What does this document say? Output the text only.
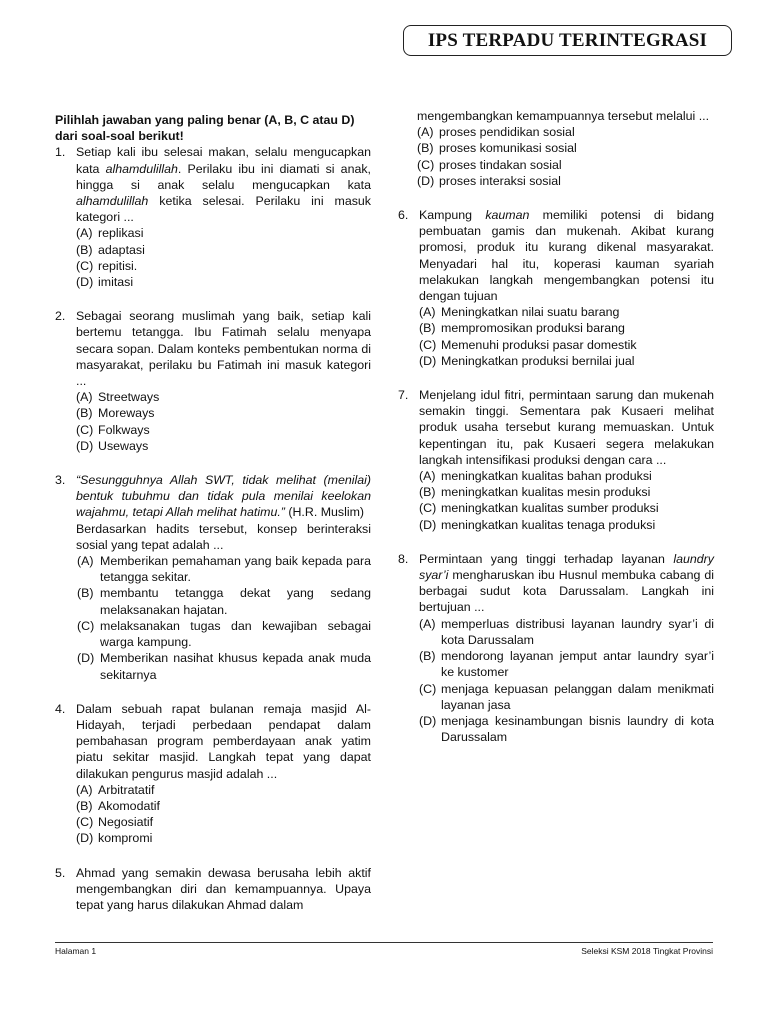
IPS TERPADU TERINTEGRASI
Pilihlah jawaban yang paling benar (A, B, C atau D) dari soal-soal berikut!
1. Setiap kali ibu selesai makan, selalu mengucapkan kata alhamdulillah. Perilaku ibu ini diamati si anak, hingga si anak selalu mengucapkan kata alhamdulillah ketika selesai. Perilaku ini masuk kategori ...
(A) replikasi
(B) adaptasi
(C) repitisi.
(D) imitasi
2. Sebagai seorang muslimah yang baik, setiap kali bertemu tetangga. Ibu Fatimah selalu menyapa secara sopan. Dalam konteks pembentukan norma di masyarakat, perilaku bu Fatimah ini masuk kategori ...
(A) Streetways
(B) Moreways
(C) Folkways
(D) Useways
3. “Sesungguhnya Allah SWT, tidak melihat (menilai) bentuk tubuhmu dan tidak pula menilai keelokan wajahmu, tetapi Allah melihat hatimu.” (H.R. Muslim)
Berdasarkan hadits tersebut, konsep berinteraksi sosial yang tepat adalah ...
(A) Memberikan pemahaman yang baik kepada para tetangga sekitar.
(B) membantu tetangga dekat yang sedang melaksanakan hajatan.
(C) melaksanakan tugas dan kewajiban sebagai warga kampung.
(D) Memberikan nasihat khusus kepada anak muda sekitarnya
4. Dalam sebuah rapat bulanan remaja masjid Al-Hidayah, terjadi perbedaan pendapat dalam pembahasan program pemberdayaan anak yatim piatu sekitar masjid. Langkah tepat yang dapat dilakukan pengurus masjid adalah ...
(A) Arbitratatif
(B) Akomodatif
(C) Negosiatif
(D) kompromi
5. Ahmad yang semakin dewasa berusaha lebih aktif mengembangkan diri dan kemampuannya. Upaya tepat yang harus dilakukan Ahmad dalam
mengembangkan kemampuannya tersebut melalui ...
(A) proses pendidikan sosial
(B) proses komunikasi sosial
(C) proses tindakan sosial
(D) proses interaksi sosial
6. Kampung kauman memiliki potensi di bidang pembuatan gamis dan mukenah. Akibat kurang promosi, produk itu kurang dikenal masyarakat. Menyadari hal itu, koperasi kauman syariah melakukan langkah mengembangkan potensi itu dengan tujuan
(A) Meningkatkan nilai suatu barang
(B) mempromosikan produksi barang
(C) Memenuhi produksi pasar domestik
(D) Meningkatkan produksi bernilai jual
7. Menjelang idul fitri, permintaan sarung dan mukenah semakin tinggi. Sementara pak Kusaeri melihat produk usaha tersebut kurang memuaskan. Untuk kepentingan itu, pak Kusaeri segera melakukan langkah intensifikasi produksi dengan cara ...
(A) meningkatkan kualitas bahan produksi
(B) meningkatkan kualitas mesin produksi
(C) meningkatkan kualitas sumber produksi
(D) meningkatkan kualitas tenaga produksi
8. Permintaan yang tinggi terhadap layanan laundry syar’i mengharuskan ibu Husnul membuka cabang di berbagai sudut kota Darussalam. Langkah ini bertujuan ...
(A) memperluas distribusi layanan laundry syar’i di kota Darussalam
(B) mendorong layanan jemput antar laundry syar’i ke kustomer
(C) menjaga kepuasan pelanggan dalam menikmati layanan jasa
(D) menjaga kesinambungan bisnis laundry di kota Darussalam
Halaman 1	Seleksi KSM 2018 Tingkat Provinsi
